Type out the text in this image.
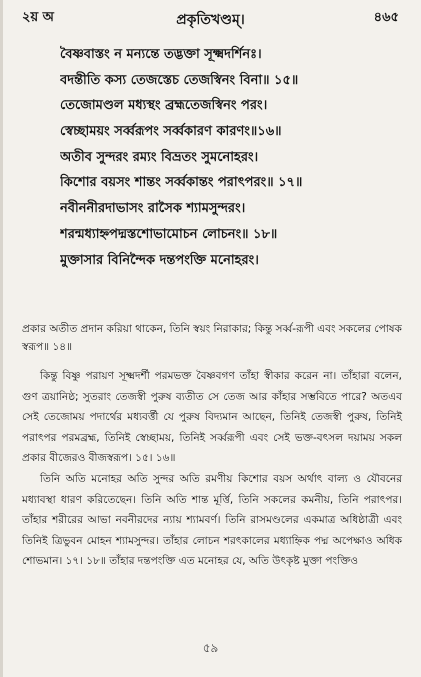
২য় অ	প্রকৃতিখণ্ডম্।	৪৬৫
বৈষ্ণবাস্তং ন মন্যন্তে তদ্ভক্তা সূক্ষ্মদর্শিনঃ।
বদন্তীতি কস্য তেজস্তেচ তেজস্বিনং বিনা॥ ১৫॥
তেজোমণ্ডল মধ্যস্থং ব্রহ্মতেজস্বিনং পরং।
স্বেচ্ছাময়ং সর্ব্বরূপং সর্ব্বকারণ কারণং॥১৬॥
অতীব সুন্দরং রম্যং বিভ্রতং সুমনোহরং।
কিশোর বয়সং শান্তং সর্ব্বকান্তং পরাৎপরং॥ ১৭॥
নবীননীরদাভাসং রাসৈক শ্যামসুন্দরং।
শরন্মধ্যাহ্নপদ্মস্তশোভামোচন লোচনং॥ ১৮॥
মুক্তাসার বিনিন্দৈক দন্তপংক্তি মনোহরং।

প্রকার অতীত প্রদান করিয়া থাকেন, তিনি স্বয়ং নিরাকার; কিন্তু সর্ব্ব-রূপী এবং সকলের পোষক স্বরূপ॥ ১৪॥

কিন্তু বিষ্ণু পরায়ণ সূক্ষ্মদর্শী পরমভক্ত বৈষ্ণবগণ তাঁহা স্বীকার করেন না। তাঁহারা বলেন, গুণ ত্রয়ানিষ্ঠ; সুতরাং তেজস্বী পুরুষ ব্যতীত সে তেজ আর কাঁহার সম্ভবিতে পারে? অতএব সেই তেজোময় পদার্থের মধ্যবর্ত্তী যে পুরুষ বিদ্যমান আছেন, তিনিই তেজস্বী পুরুষ, তিনিই পরাৎপর পরমব্রহ্ম, তিনিই স্বেচ্ছাময়, তিনিই সর্ব্বরূপী এবং সেই ভক্ত-বৎসল দয়াময় সকল প্রকার বীজেরও বীজস্বরূপ। ১৫। ১৬॥

তিনি অতি মনোহর অতি সুন্দর অতি রমণীয় কিশোর বয়স অর্থাৎ বাল্য ও যৌবনের মধ্যাবস্থা ধারণ করিতেছেন। তিনি অতি শান্ত মূর্ত্তি, তিনি সকলের কমনীয়, তিনি পরাৎপর। তাঁহার শরীরের আভা নবনীরদের ন্যায় শ্যামবর্ণ। তিনি রাসমণ্ডলের একমাত্র অধিষ্ঠাত্রী এবং তিনিই ত্রিভুবন মোহন শ্যামসুন্দর। তাঁহার লোচন শরৎকালের মধ্যাহ্নিক পদ্ম অপেক্ষাও অধিক শোভমান। ১৭। ১৮॥ তাঁহার দন্তপংক্তি এত মনোহর যে, অতি উৎকৃষ্ট মুক্তা পংক্তিও

৫৯
